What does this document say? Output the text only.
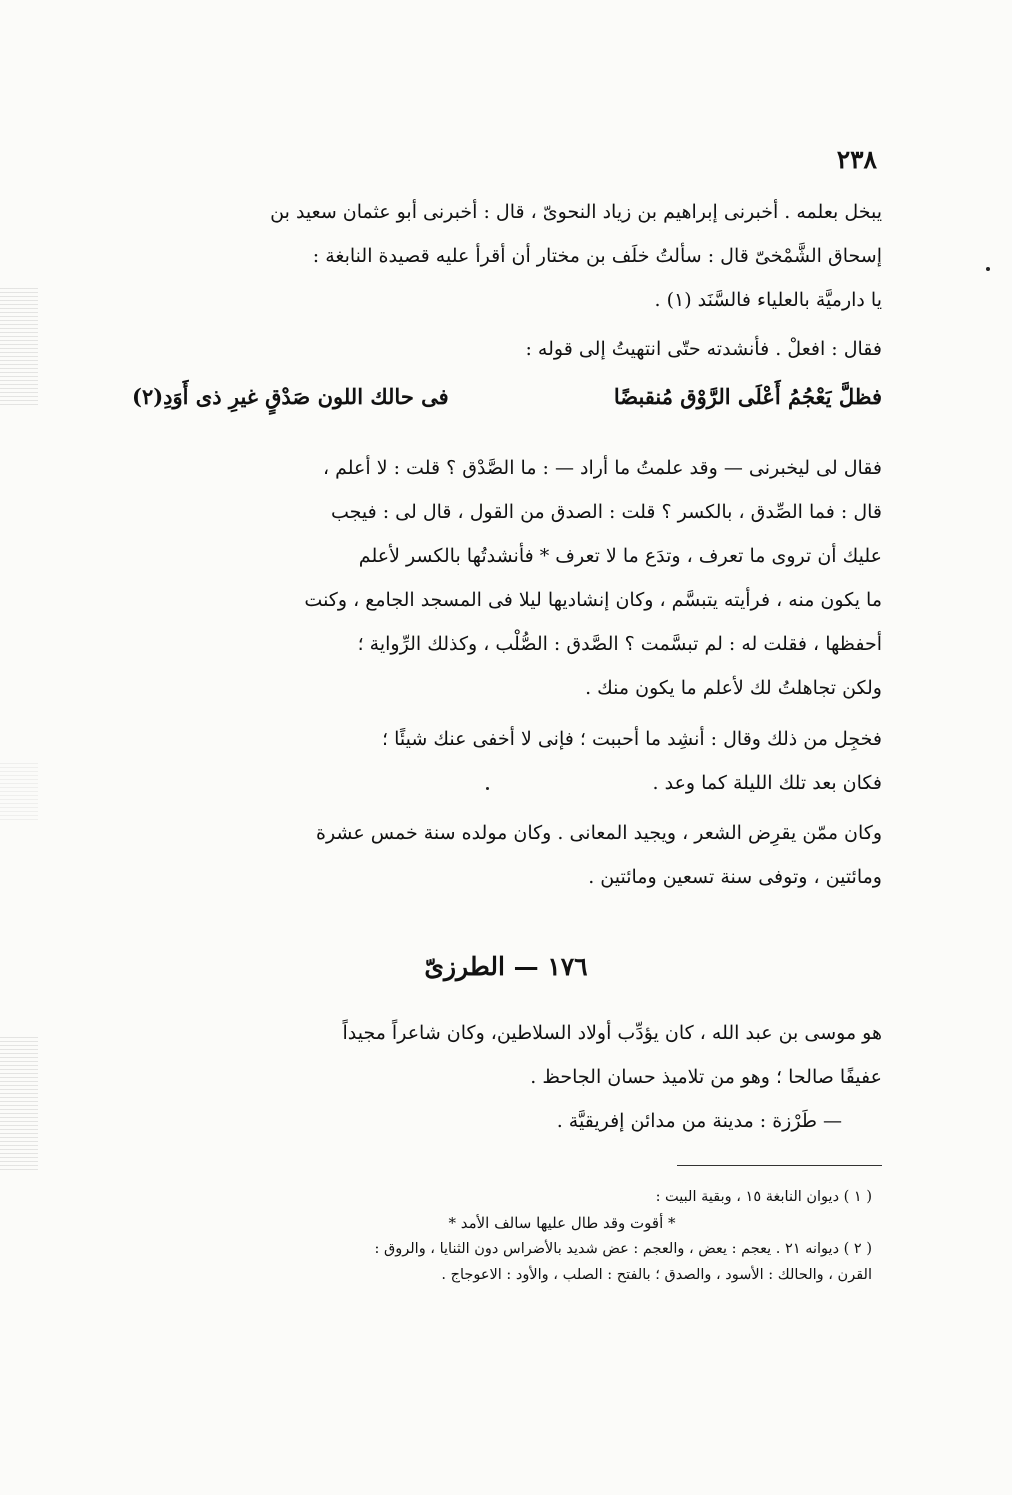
٢٣٨

يبخل بعلمه . أخبرنى إبراهيم بن زياد النحوىّ ، قال : أخبرنى أبو عثمان سعيد بن

إسحاق الشَّمْخىّ قال : سألتُ خلَف بن مختار أن أقرأ عليه قصيدة النابغة :

يا دارميَّة بالعلياء فالسَّنَد (١) .

فقال : افعلْ . فأنشدته حتّى انتهيتُ إلى قوله :

فظلَّ يَعْجُمُ أَعْلَى الرَّوْق مُنقبضًا
فى حالك اللون صَدْقٍ غيرِ ذى أَوَدِ(٢)

فقال لى ليخبرنى — وقد علمتُ ما أراد — : ما الصَّدْق ؟ قلت : لا أعلم ،

قال : فما الصِّدق ، بالكسر ؟ قلت : الصدق من القول ، قال لى : فيجب

عليك أن تروى ما تعرف ، وتدَع ما لا تعرف * فأنشدتُها بالكسر لأعلم

ما يكون منه ، فرأيته يتبسَّم ، وكان إنشاديها ليلا فى المسجد الجامع ، وكنت

أحفظها ، فقلت له : لم تبسَّمت ؟ الصَّدق : الصُّلْب ، وكذلك الرِّواية ؛

ولكن تجاهلتُ لك لأعلم ما يكون منك .

فخجِل من ذلك وقال : أنشِد ما أحببت ؛ فإنى لا أخفى عنك شيئًا ؛

فكان بعد تلك الليلة كما وعد .

وكان ممّن يقرِض الشعر ، ويجيد المعانى . وكان مولده سنة خمس عشرة

ومائتين ، وتوفى سنة تسعين ومائتين .

١٧٦ — الطرزىّ

هو موسى بن عبد الله ، كان يؤدِّب أولاد السلاطين، وكان شاعراً مجيداً

عفيفًا صالحا ؛ وهو من تلاميذ حسان الجاحظ .

— طَرْزة : مدينة من مدائن إفريقيَّة .

( ١ ) ديوان النابغة ١٥ ، وبقية البيت :

* أقوت وقد طال عليها سالف الأمد *

( ٢ ) ديوانه ٢١ . يعجم : يعض ، والعجم : عض شديد بالأضراس دون الثنايا ، والروق :

القرن ، والحالك : الأسود ، والصدق ؛ بالفتح : الصلب ، والأود : الاعوجاج .
